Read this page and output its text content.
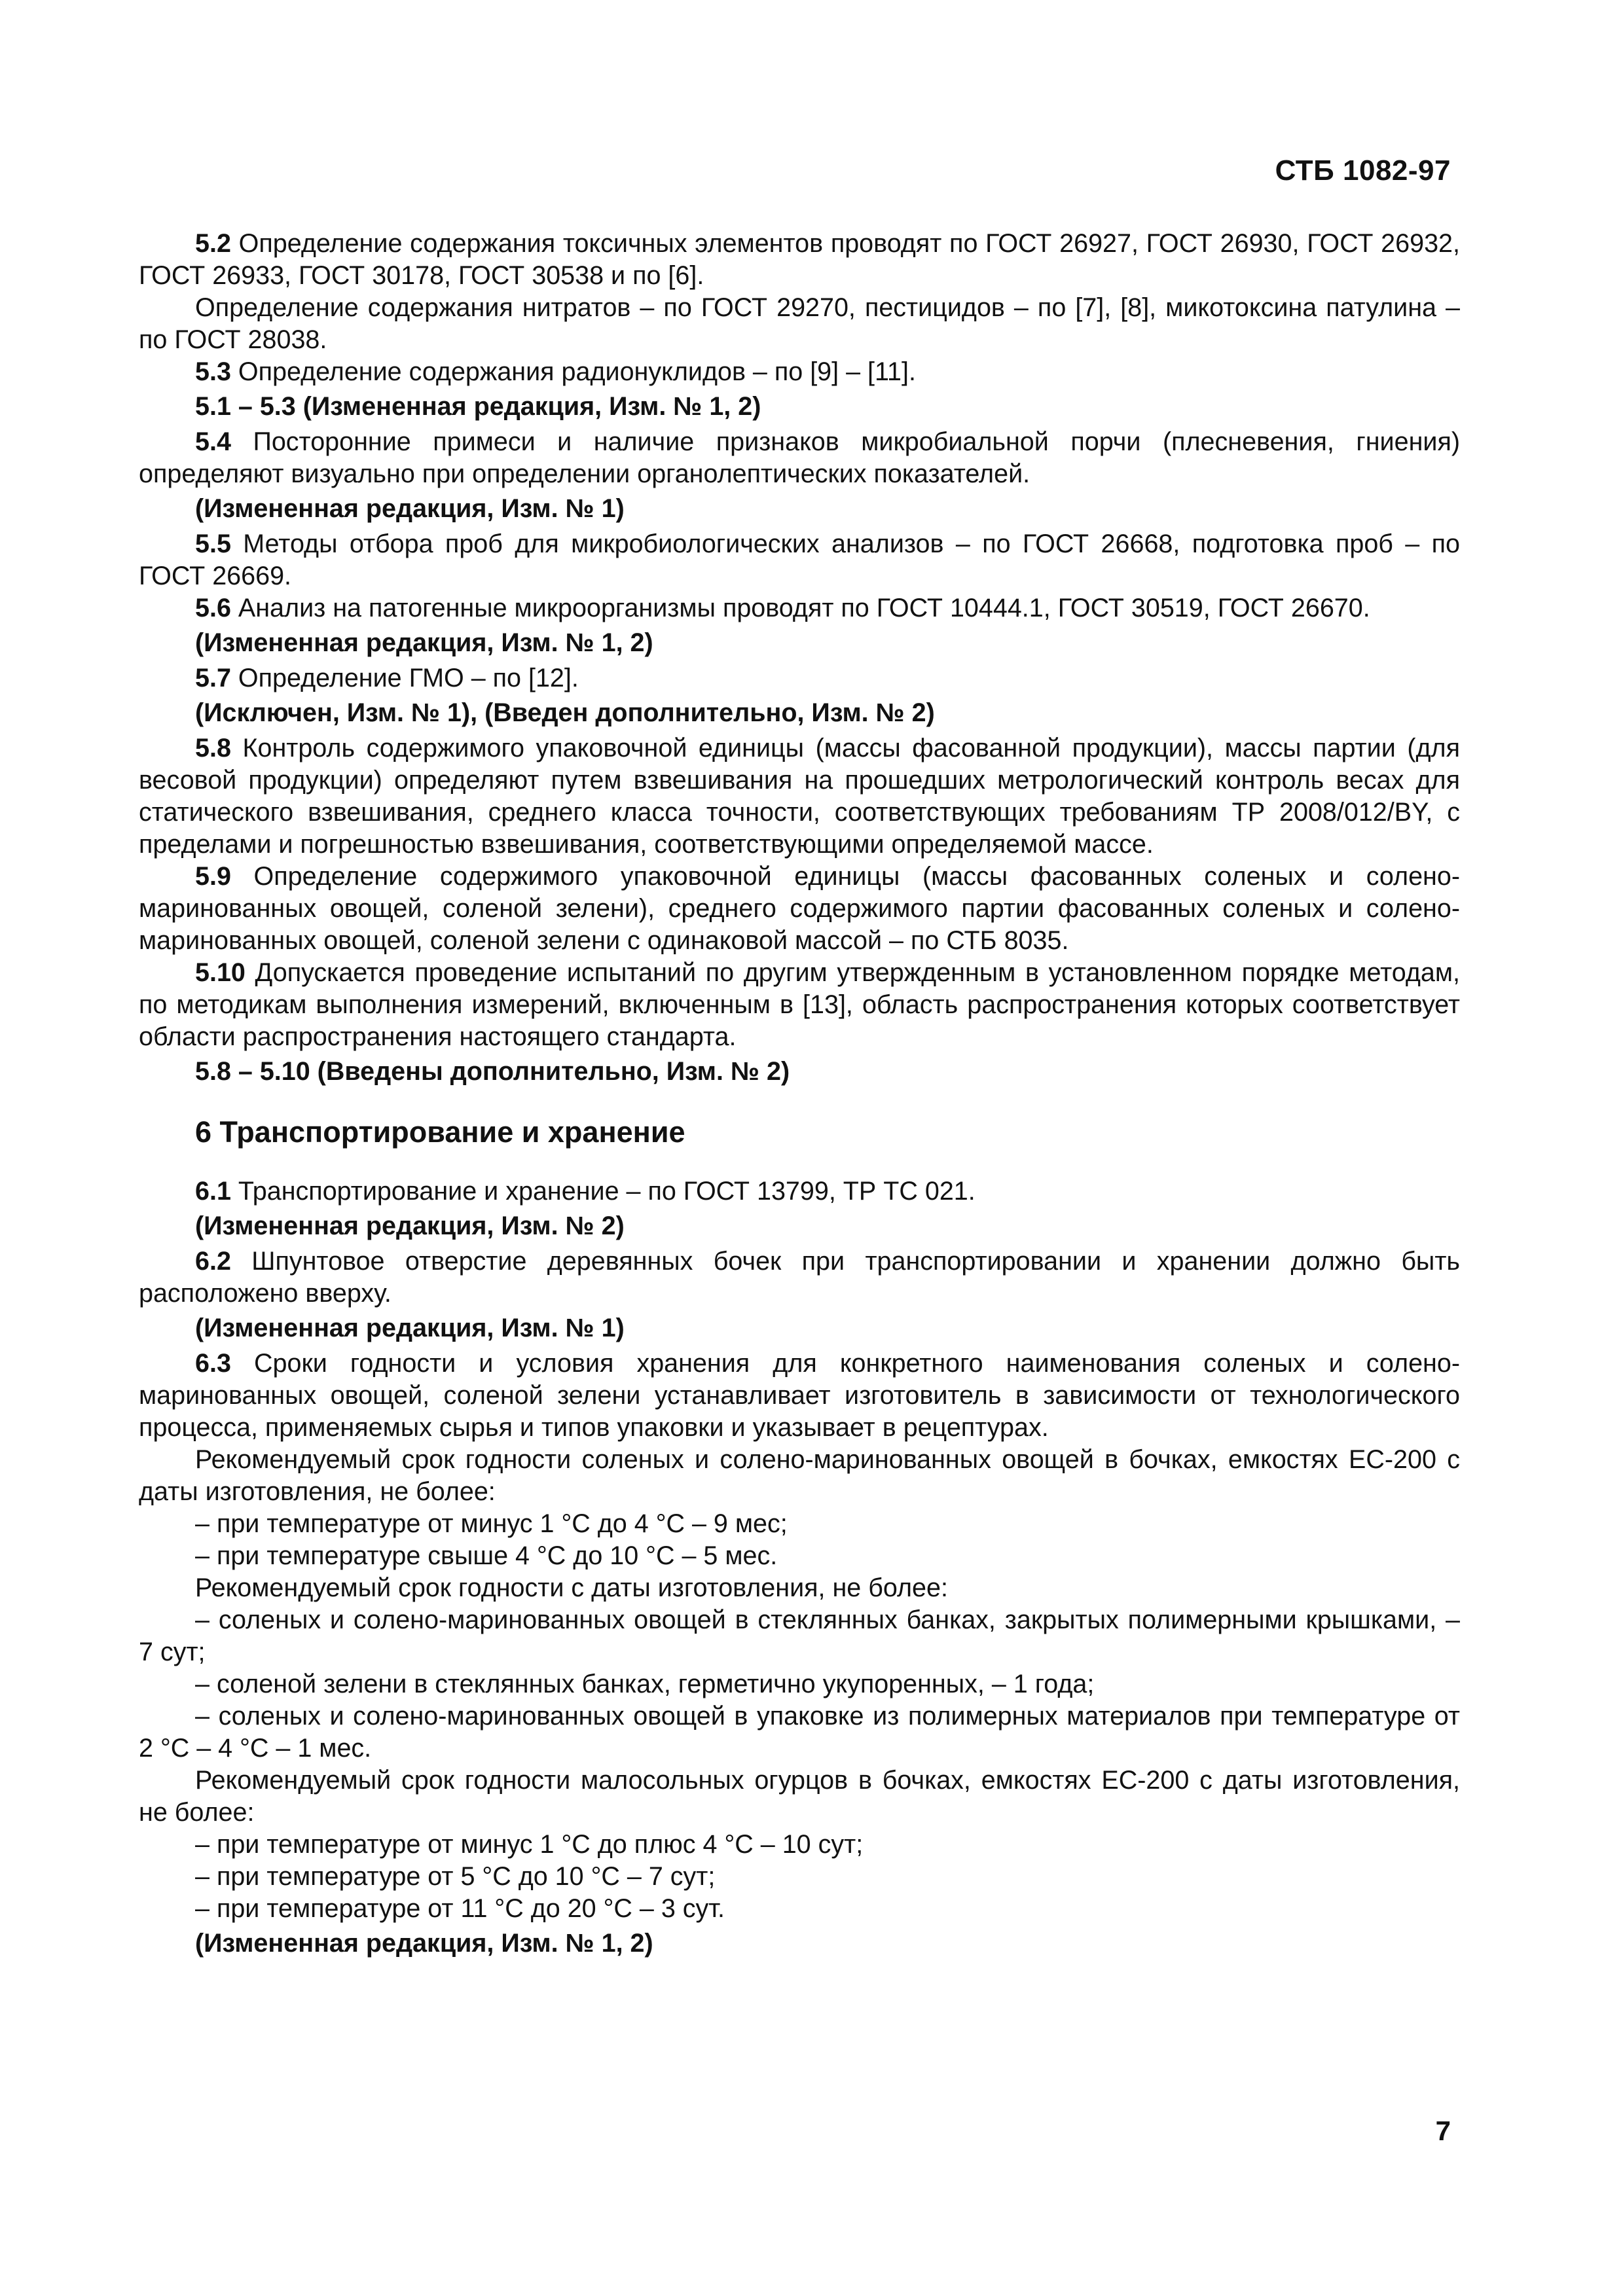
СТБ 1082-97

5.2 Определение содержания токсичных элементов проводят по ГОСТ 26927, ГОСТ 26930, ГОСТ 26932, ГОСТ 26933, ГОСТ 30178, ГОСТ 30538 и по [6].

Определение содержания нитратов – по ГОСТ 29270, пестицидов – по [7], [8], микотоксина патулина – по ГОСТ 28038.

5.3 Определение содержания радионуклидов – по [9] – [11].

5.1 – 5.3 (Измененная редакция, Изм. № 1, 2)

5.4 Посторонние примеси и наличие признаков микробиальной порчи (плесневения, гниения) определяют визуально при определении органолептических показателей.

(Измененная редакция, Изм. № 1)

5.5 Методы отбора проб для микробиологических анализов – по ГОСТ 26668, подготовка проб – по ГОСТ 26669.

5.6 Анализ на патогенные микроорганизмы проводят по ГОСТ 10444.1, ГОСТ 30519, ГОСТ 26670.

(Измененная редакция, Изм. № 1, 2)

5.7 Определение ГМО – по [12].

(Исключен, Изм. № 1), (Введен дополнительно, Изм. № 2)

5.8 Контроль содержимого упаковочной единицы (массы фасованной продукции), массы партии (для весовой продукции) определяют путем взвешивания на прошедших метрологический контроль весах для статического взвешивания, среднего класса точности, соответствующих требованиям ТР 2008/012/BY, с пределами и погрешностью взвешивания, соответствующими определяемой массе.

5.9 Определение содержимого упаковочной единицы (массы фасованных соленых и солено-маринованных овощей, соленой зелени), среднего содержимого партии фасованных соленых и солено-маринованных овощей, соленой зелени с одинаковой массой – по СТБ 8035.

5.10 Допускается проведение испытаний по другим утвержденным в установленном порядке методам, по методикам выполнения измерений, включенным в [13], область распространения которых соответствует области распространения настоящего стандарта.

5.8 – 5.10 (Введены дополнительно, Изм. № 2)

6 Транспортирование и хранение

6.1 Транспортирование и хранение – по ГОСТ 13799, ТР ТС 021.

(Измененная редакция, Изм. № 2)

6.2 Шпунтовое отверстие деревянных бочек при транспортировании и хранении должно быть расположено вверху.

(Измененная редакция, Изм. № 1)

6.3 Сроки годности и условия хранения для конкретного наименования соленых и солено-маринованных овощей, соленой зелени устанавливает изготовитель в зависимости от технологического процесса, применяемых сырья и типов упаковки и указывает в рецептурах.

Рекомендуемый срок годности соленых и солено-маринованных овощей в бочках, емкостях ЕС-200 с даты изготовления, не более:

– при температуре от минус 1 °С до 4 °С – 9 мес;

– при температуре свыше 4 °С до 10 °С – 5 мес.

Рекомендуемый срок годности с даты изготовления, не более:

– соленых и солено-маринованных овощей в стеклянных банках, закрытых полимерными крышками, – 7 сут;

– соленой зелени в стеклянных банках, герметично укупоренных, – 1 года;

– соленых и солено-маринованных овощей в упаковке из полимерных материалов при температуре от 2 °С – 4 °С – 1 мес.

Рекомендуемый срок годности малосольных огурцов в бочках, емкостях ЕС-200 с даты изготовления, не более:

– при температуре от минус 1 °С до плюс 4 °С – 10 сут;

– при температуре от 5 °С до 10 °С – 7 сут;

– при температуре от 11 °С до 20 °С – 3 сут.

(Измененная редакция, Изм. № 1, 2)

7
